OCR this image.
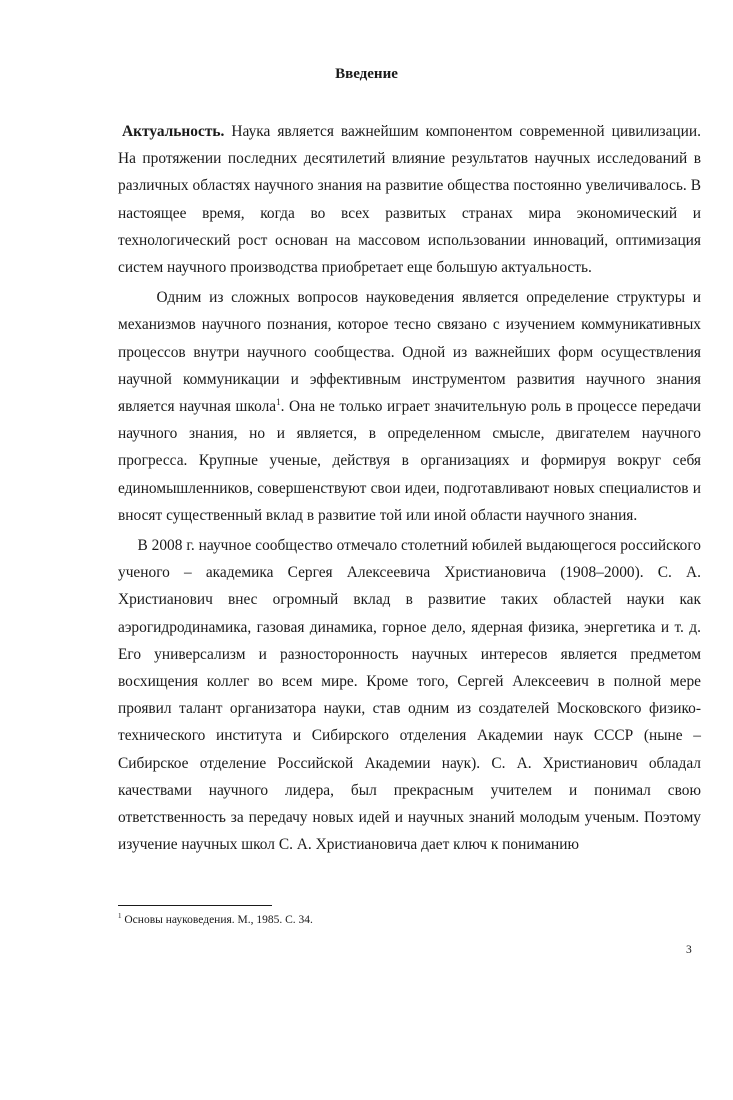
Введение

Актуальность. Наука является важнейшим компонентом современной цивилизации. На протяжении последних десятилетий влияние результатов научных исследований в различных областях научного знания на развитие общества постоянно увеличивалось. В настоящее время, когда во всех развитых странах мира экономический и технологический рост основан на массовом использовании инноваций, оптимизация систем научного производства приобретает еще большую актуальность.

Одним из сложных вопросов науковедения является определение структуры и механизмов научного познания, которое тесно связано с изучением коммуникативных процессов внутри научного сообщества. Одной из важнейших форм осуществления научной коммуникации и эффективным инструментом развития научного знания является научная школа$^1$. Она не только играет значительную роль в процессе передачи научного знания, но и является, в определенном смысле, двигателем научного прогресса. Крупные ученые, действуя в организациях и формируя вокруг себя единомышленников, совершенствуют свои идеи, подготавливают новых специалистов и вносят существенный вклад в развитие той или иной области научного знания.

В 2008 г. научное сообщество отмечало столетний юбилей выдающегося российского ученого – академика Сергея Алексеевича Христиановича (1908–2000). С. А. Христианович внес огромный вклад в развитие таких областей науки как аэрогидродинамика, газовая динамика, горное дело, ядерная физика, энергетика и т. д. Его универсализм и разносторонность научных интересов является предметом восхищения коллег во всем мире. Кроме того, Сергей Алексеевич в полной мере проявил талант организатора науки, став одним из создателей Московского физико-технического института и Сибирского отделения Академии наук СССР (ныне – Сибирское отделение Российской Академии наук). С. А. Христианович обладал качествами научного лидера, был прекрасным учителем и понимал свою ответственность за передачу новых идей и научных знаний молодым ученым. Поэтому изучение научных школ С. А. Христиановича дает ключ к пониманию

$^1$ Основы науковедения. М., 1985. С. 34.
3
